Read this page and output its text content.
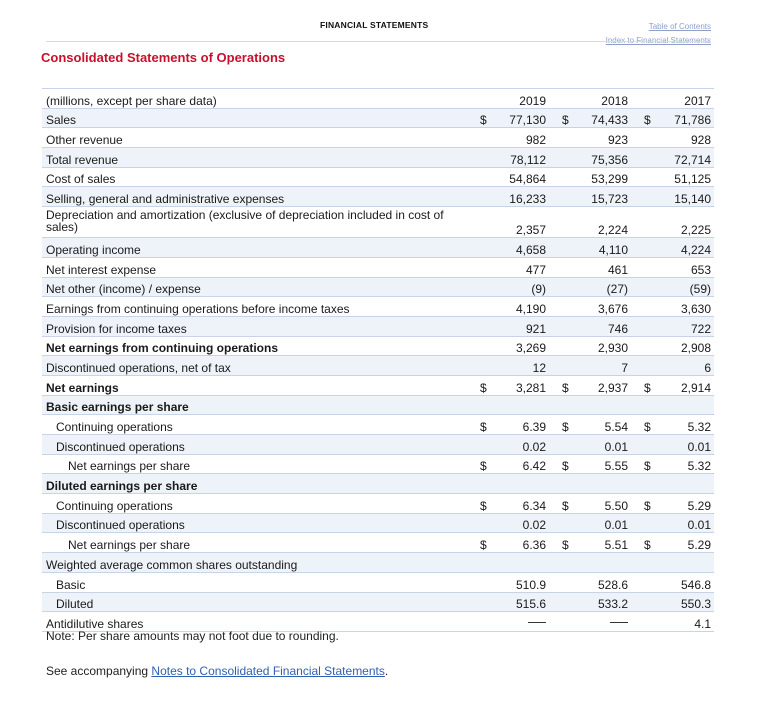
FINANCIAL STATEMENTS	Table of Contents
Consolidated Statements of Operations
(millions, except per share data)		2019		2018		2017
Sales	$	77,130	$	74,433	$	71,786
Other revenue		982		923		928
Total revenue		78,112		75,356		72,714
Cost of sales		54,864		53,299		51,125
Selling, general and administrative expenses		16,233		15,723		15,140
Depreciation and amortization (exclusive of depreciation included in cost of sales)		2,357		2,224		2,225
Operating income		4,658		4,110		4,224
Net interest expense		477		461		653
Net other (income) / expense		(9)		(27)		(59)
Earnings from continuing operations before income taxes		4,190		3,676		3,630
Provision for income taxes		921		746		722
Net earnings from continuing operations		3,269		2,930		2,908
Discontinued operations, net of tax		12		7		6
Net earnings	$	3,281	$	2,937	$	2,914
Basic earnings per share						
Continuing operations	$	6.39	$	5.54	$	5.32
Discontinued operations		0.02		0.01		0.01
Net earnings per share	$	6.42	$	5.55	$	5.32
Diluted earnings per share						
Continuing operations	$	6.34	$	5.50	$	5.29
Discontinued operations		0.02		0.01		0.01
Net earnings per share	$	6.36	$	5.51	$	5.29
Weighted average common shares outstanding						
Basic		510.9		528.6		546.8
Diluted		515.6		533.2		550.3
Antidilutive shares						4.1
Note: Per share amounts may not foot due to rounding.
See accompanying Notes to Consolidated Financial Statements.
